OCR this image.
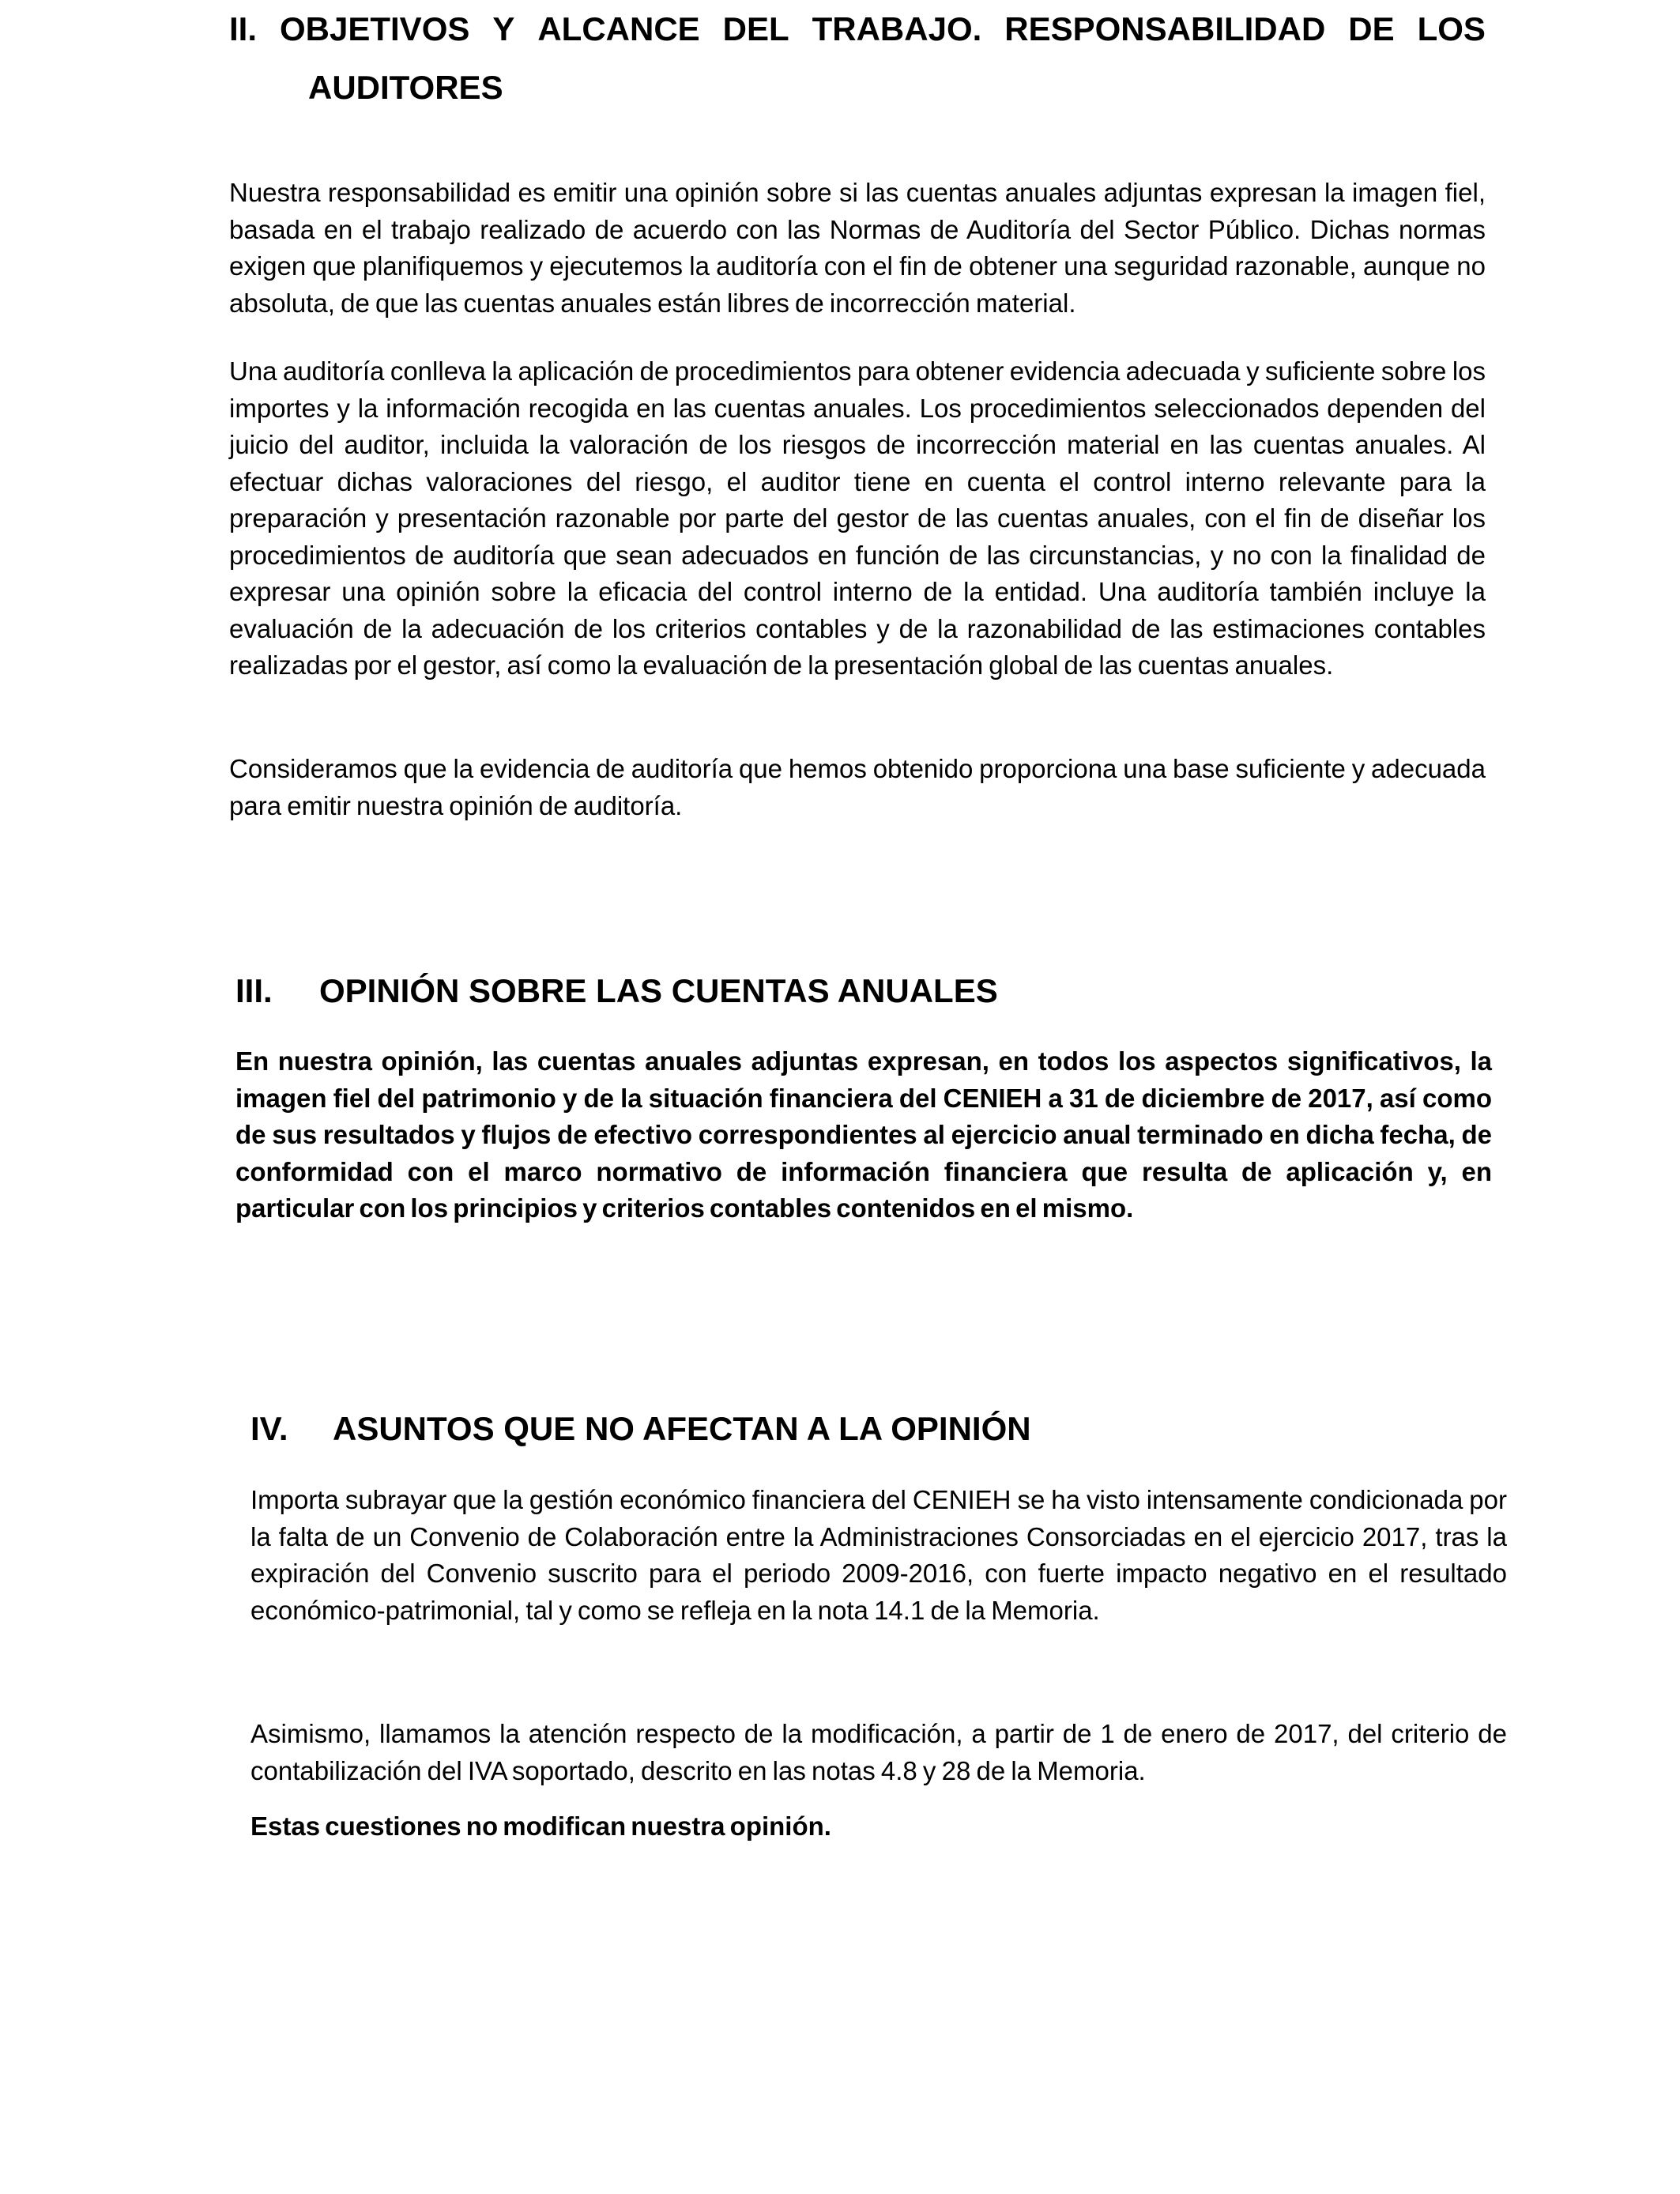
II. OBJETIVOS Y ALCANCE DEL TRABAJO. RESPONSABILIDAD DE LOS
AUDITORES

Nuestra responsabilidad es emitir una opinión sobre si las cuentas anuales adjuntas expresan la imagen fiel, basada en el trabajo realizado de acuerdo con las Normas de Auditoría del Sector Público. Dichas normas exigen que planifiquemos y ejecutemos la auditoría con el fin de obtener una seguridad razonable, aunque no absoluta, de que las cuentas anuales están libres de incorrección material.

Una auditoría conlleva la aplicación de procedimientos para obtener evidencia adecuada y suficiente sobre los importes y la información recogida en las cuentas anuales. Los procedimientos seleccionados dependen del juicio del auditor, incluida la valoración de los riesgos de incorrección material en las cuentas anuales. Al efectuar dichas valoraciones del riesgo, el auditor tiene en cuenta el control interno relevante para la preparación y presentación razonable por parte del gestor de las cuentas anuales, con el fin de diseñar los procedimientos de auditoría que sean adecuados en función de las circunstancias, y no con la finalidad de expresar una opinión sobre la eficacia del control interno de la entidad. Una auditoría también incluye la evaluación de la adecuación de los criterios contables y de la razonabilidad de las estimaciones contables realizadas por el gestor, así como la evaluación de la presentación global de las cuentas anuales.

Consideramos que la evidencia de auditoría que hemos obtenido proporciona una base suficiente y adecuada para emitir nuestra opinión de auditoría.

III. OPINIÓN SOBRE LAS CUENTAS ANUALES

En nuestra opinión, las cuentas anuales adjuntas expresan, en todos los aspectos significativos, la imagen fiel del patrimonio y de la situación financiera del CENIEH a 31 de diciembre de 2017, así como de sus resultados y flujos de efectivo correspondientes al ejercicio anual terminado en dicha fecha, de conformidad con el marco normativo de información financiera que resulta de aplicación y, en particular con los principios y criterios contables contenidos en el mismo.

IV. ASUNTOS QUE NO AFECTAN A LA OPINIÓN

Importa subrayar que la gestión económico financiera del CENIEH se ha visto intensamente condicionada por la falta de un Convenio de Colaboración entre la Administraciones Consorciadas en el ejercicio 2017, tras la expiración del Convenio suscrito para el periodo 2009-2016, con fuerte impacto negativo en el resultado económico-patrimonial, tal y como se refleja en la nota 14.1 de la Memoria.

Asimismo, llamamos la atención respecto de la modificación, a partir de 1 de enero de 2017, del criterio de contabilización del IVA soportado, descrito en las notas 4.8 y 28 de la Memoria.

Estas cuestiones no modifican nuestra opinión.
